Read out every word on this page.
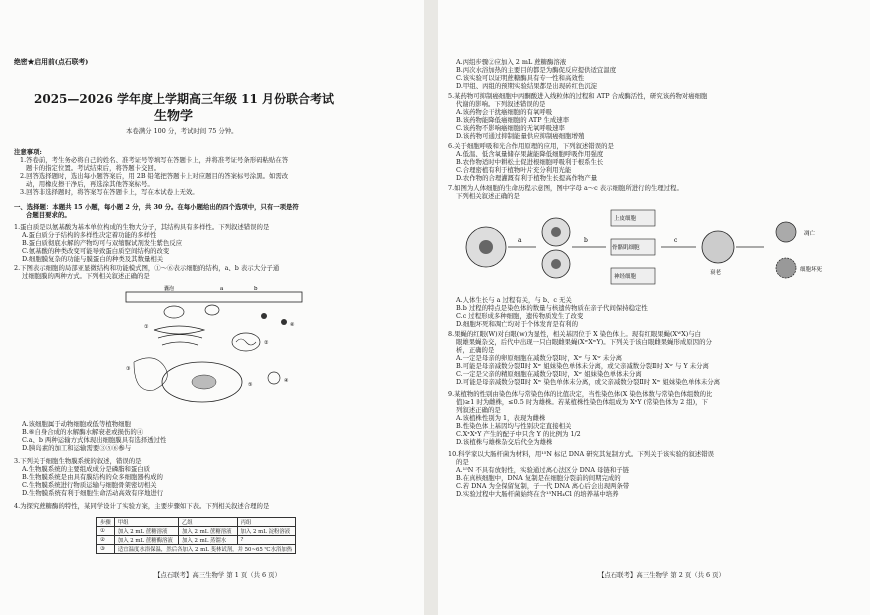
绝密★启用前(点石联考)
2025—2026 学年度上学期高三年级 11 月份联合考试
生物学
本卷满分 100 分，考试时间 75 分钟。
注意事项:
1.答卷前，考生务必将自己的姓名、准考证号等填写在答题卡上，并将准考证号条形码粘贴在答
题卡的指定位置。考试结束后，将答题卡交回。
2.回答选择题时，选出每小题答案后，用 2B 铅笔把答题卡上对应题目的答案标号涂黑。如需改
动，用橡皮擦干净后，再选涂其他答案标号。
3.回答非选择题时，将答案写在答题卡上，写在本试卷上无效。
一、选择题：本题共 15 小题，每小题 2 分，共 30 分。在每小题给出的四个选项中，只有一项是符
合题目要求的。
1.蛋白质是以氨基酸为基本单位构成的生物大分子，其结构具有多样性。下列叙述错误的是
A.蛋白质分子结构的多样性决定着功能的多样性
B.蛋白质彻底水解的产物均可与双缩脲试剂发生紫色反应
C.氨基酸的种类改变可能导致蛋白质空间结构的改变
D.细胞膜复杂的功能与膜蛋白的种类及其数量相关
2.下图表示细胞的局部亚显微结构和功能模式图，①～⑥表示细胞的结构，a、b 表示大分子通
过细胞膜的两种方式。下列相关叙述正确的是
囊泡	a	b
①
②
③
④
⑤
⑥
A.该细胞属于动物细胞或低等植物细胞
B.⑥自身合成的水解酶水解衰老或损伤的④
C.a、b 两种运输方式体现出细胞膜具有选择透过性
D.胰岛素的加工和运输需要③⑤⑥参与
3.下列关于细胞生物膜系统的叙述，错误的是
A.生物膜系统的主要组成成分是磷脂和蛋白质
B.生物膜系统是由具有膜结构的众多细胞器构成的
C.生物膜系统进行物质运输与细胞骨架密切相关
D.生物膜系统有利于细胞生命活动高效有序地进行
4.为探究蔗糖酶的特性，某同学设计了实验方案，主要步骤如下表。下列相关叙述合理的是
步骤	甲组	乙组	丙组
①	加入 2 mL 蔗糖溶液	加入 2 mL 蔗糖溶液	加入 2 mL 淀粉溶液
②	加入 2 mL 蔗糖酶溶液	加入 2 mL 蒸馏水	?
③	适宜温度水浴保温，然后各加入 2 mL 斐林试剂，并 50~65 ℃水浴加热		
【点石联考】高三生物学 第 1 页（共 6 页）
A.丙组步骤②应加入 2 mL 蔗糖酶溶液
B.丙次水浴加热的主要目的都是为酶促反应提供适宜温度
C.该实验可以证明蔗糖酶具有专一性和高效性
D.甲组、丙组的预期实验结果都是出现砖红色沉淀
5.某药物可抑制癌细胞中丙酮酸进入线粒体的过程和 ATP 合成酶活性，研究该药物对癌细胞
代谢的影响。下列叙述错误的是
A.该药物会干扰癌细胞的有氧呼吸
B.该药物能降低癌细胞的 ATP 生成速率
C.该药物不影响癌细胞的无氧呼吸速率
D.该药物可通过抑制能量供应抑制癌细胞增殖
6.关于细胞呼吸和光合作用原理的应用，下列叙述错误的是
A.低温、低含氧量储存果蔬能降低细胞呼吸作用强度
B.农作物适时中耕松土促进根细胞呼吸利于根系生长
C.合理密植有利于植物叶片充分利用光能
D.农作物的合理灌溉有利于植物生长提高作物产量
7.如图为人体细胞的生命历程示意图，图中字母 a～c 表示细胞所进行的生理过程。
下列相关叙述正确的是
a	b
上皮细胞
骨骼肌细胞
神经细胞
c
衰老
凋亡
细胞坏死
A.人体生长与 a 过程有关，与 b、c 无关
B.b 过程的特点是染色体的数量与核遗传物质在亲子代间保持稳定性
C.c 过程形成多种细胞，遗传物质发生了改变
D.细胞坏死和凋亡均对于个体发育是有利的
8.果蝇的红眼(W)对白眼(w)为显性，相关基因位于 X 染色体上。现有红眼果蝇(XᵂX)与白
眼雄果蝇杂交，后代中出现一只白眼雌果蝇(XʷXʷY)。下列关于该白眼雌果蝇形成原因的分
析，正确的是
A.一定是母亲的卵原细胞在减数分裂Ⅰ时，Xʷ 与 Xʷ 未分离
B.可能是母亲减数分裂Ⅱ时 Xʷ 姐妹染色单体未分离，或父亲减数分裂Ⅱ时 Xʷ 与 Y 未分离
C.一定是父亲的精原细胞在减数分裂Ⅰ时，Xʷ 姐妹染色单体未分离
D.可能是母亲减数分裂Ⅱ时 Xʷ 染色单体未分离，或父亲减数分裂Ⅱ时 Xʷ 姐妹染色单体未分离
9.某植物的性别由染色体与常染色体的比值决定，当性染色体(X 染色体数与常染色体组数的比
值)≥1 时为雌株，≤0.5 时为雄株。若某植株性染色体组成为 XˣY (常染色体为 2 组)，下
列叙述正确的是
A.该植株性别为 1，表现为雌株
B.性染色体上基因均与性别决定直接相关
C.XˣXˣY 产生的配子中只含 Y 的比例为 1/2
D.该植株与雄株杂交后代全为雄株
10.科学家以大肠杆菌为材料，用¹⁵N 标记 DNA 研究其复制方式。下列关于该实验的叙述错误
的是
A.¹⁵N 不具有放射性，实验通过离心法区分 DNA 母链和子链
B.在真核细胞中，DNA 复制是在细胞分裂前的间期完成的
C.若 DNA 为全保留复制，子一代 DNA 离心后会出现两条带
D.实验过程中大肠杆菌始终在含¹⁵NH₄Cl 的培养基中培养
【点石联考】高三生物学 第 2 页（共 6 页）
